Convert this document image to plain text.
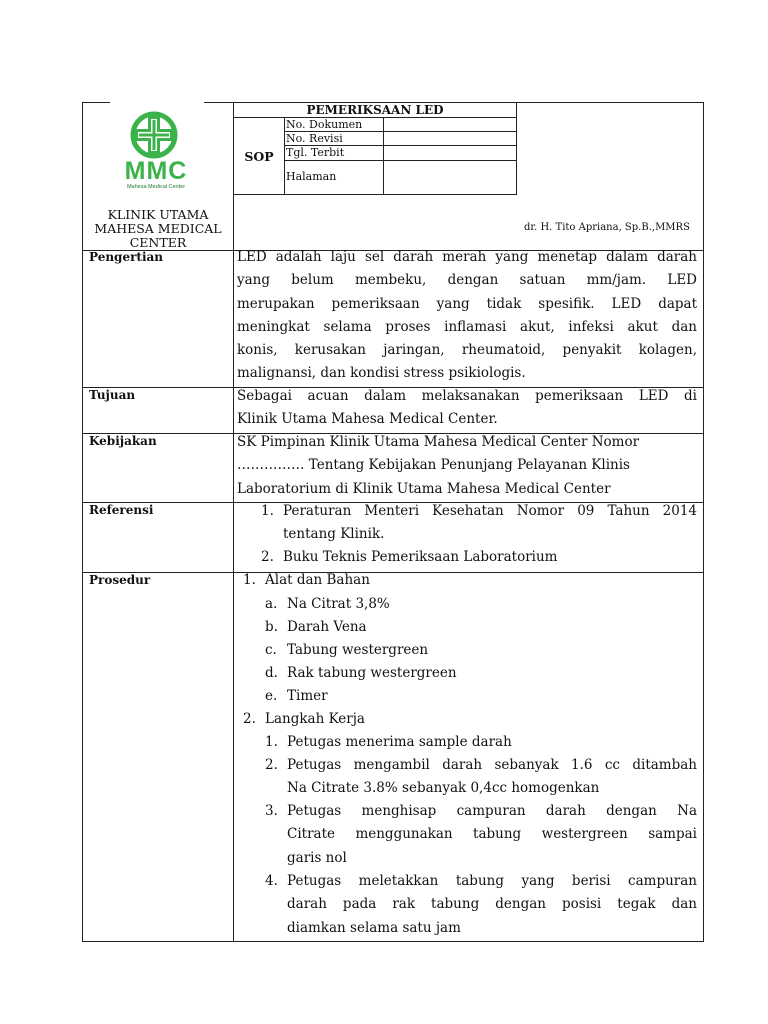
MMC
Mahesa Medical Center
PEMERIKSAAN LED
SOP
No. Dokumen
No. Revisi
Tgl. Terbit
Halaman
KLINIK UTAMA
MAHESA MEDICAL
CENTER
dr. H. Tito Apriana, Sp.B.,MMRS
Pengertian
Tujuan
Kebijakan
Referensi
Prosedur
LED adalah laju sel darah merah yang menetap dalam darah
yang belum membeku, dengan satuan mm/jam. LED
merupakan pemeriksaan yang tidak spesifik. LED dapat
meningkat selama proses inflamasi akut, infeksi akut dan
konis, kerusakan jaringan, rheumatoid, penyakit kolagen,
malignansi, dan kondisi stress psikiologis.
Sebagai acuan dalam melaksanakan pemeriksaan LED di
Klinik Utama Mahesa Medical Center.
SK Pimpinan Klinik Utama Mahesa Medical Center Nomor
…………… Tentang Kebijakan Penunjang Pelayanan Klinis
Laboratorium di Klinik Utama Mahesa Medical Center
1. Peraturan Menteri Kesehatan Nomor 09 Tahun 2014
tentang Klinik.
2. Buku Teknis Pemeriksaan Laboratorium
1. Alat dan Bahan
a. Na Citrat 3,8%
b. Darah Vena
c. Tabung westergreen
d. Rak tabung westergreen
e. Timer
2. Langkah Kerja
1. Petugas menerima sample darah
2. Petugas mengambil darah sebanyak 1.6 cc ditambah
Na Citrate 3.8% sebanyak 0,4cc homogenkan
3. Petugas menghisap campuran darah dengan Na
Citrate menggunakan tabung westergreen sampai
garis nol
4. Petugas meletakkan tabung yang berisi campuran
darah pada rak tabung dengan posisi tegak dan
diamkan selama satu jam
